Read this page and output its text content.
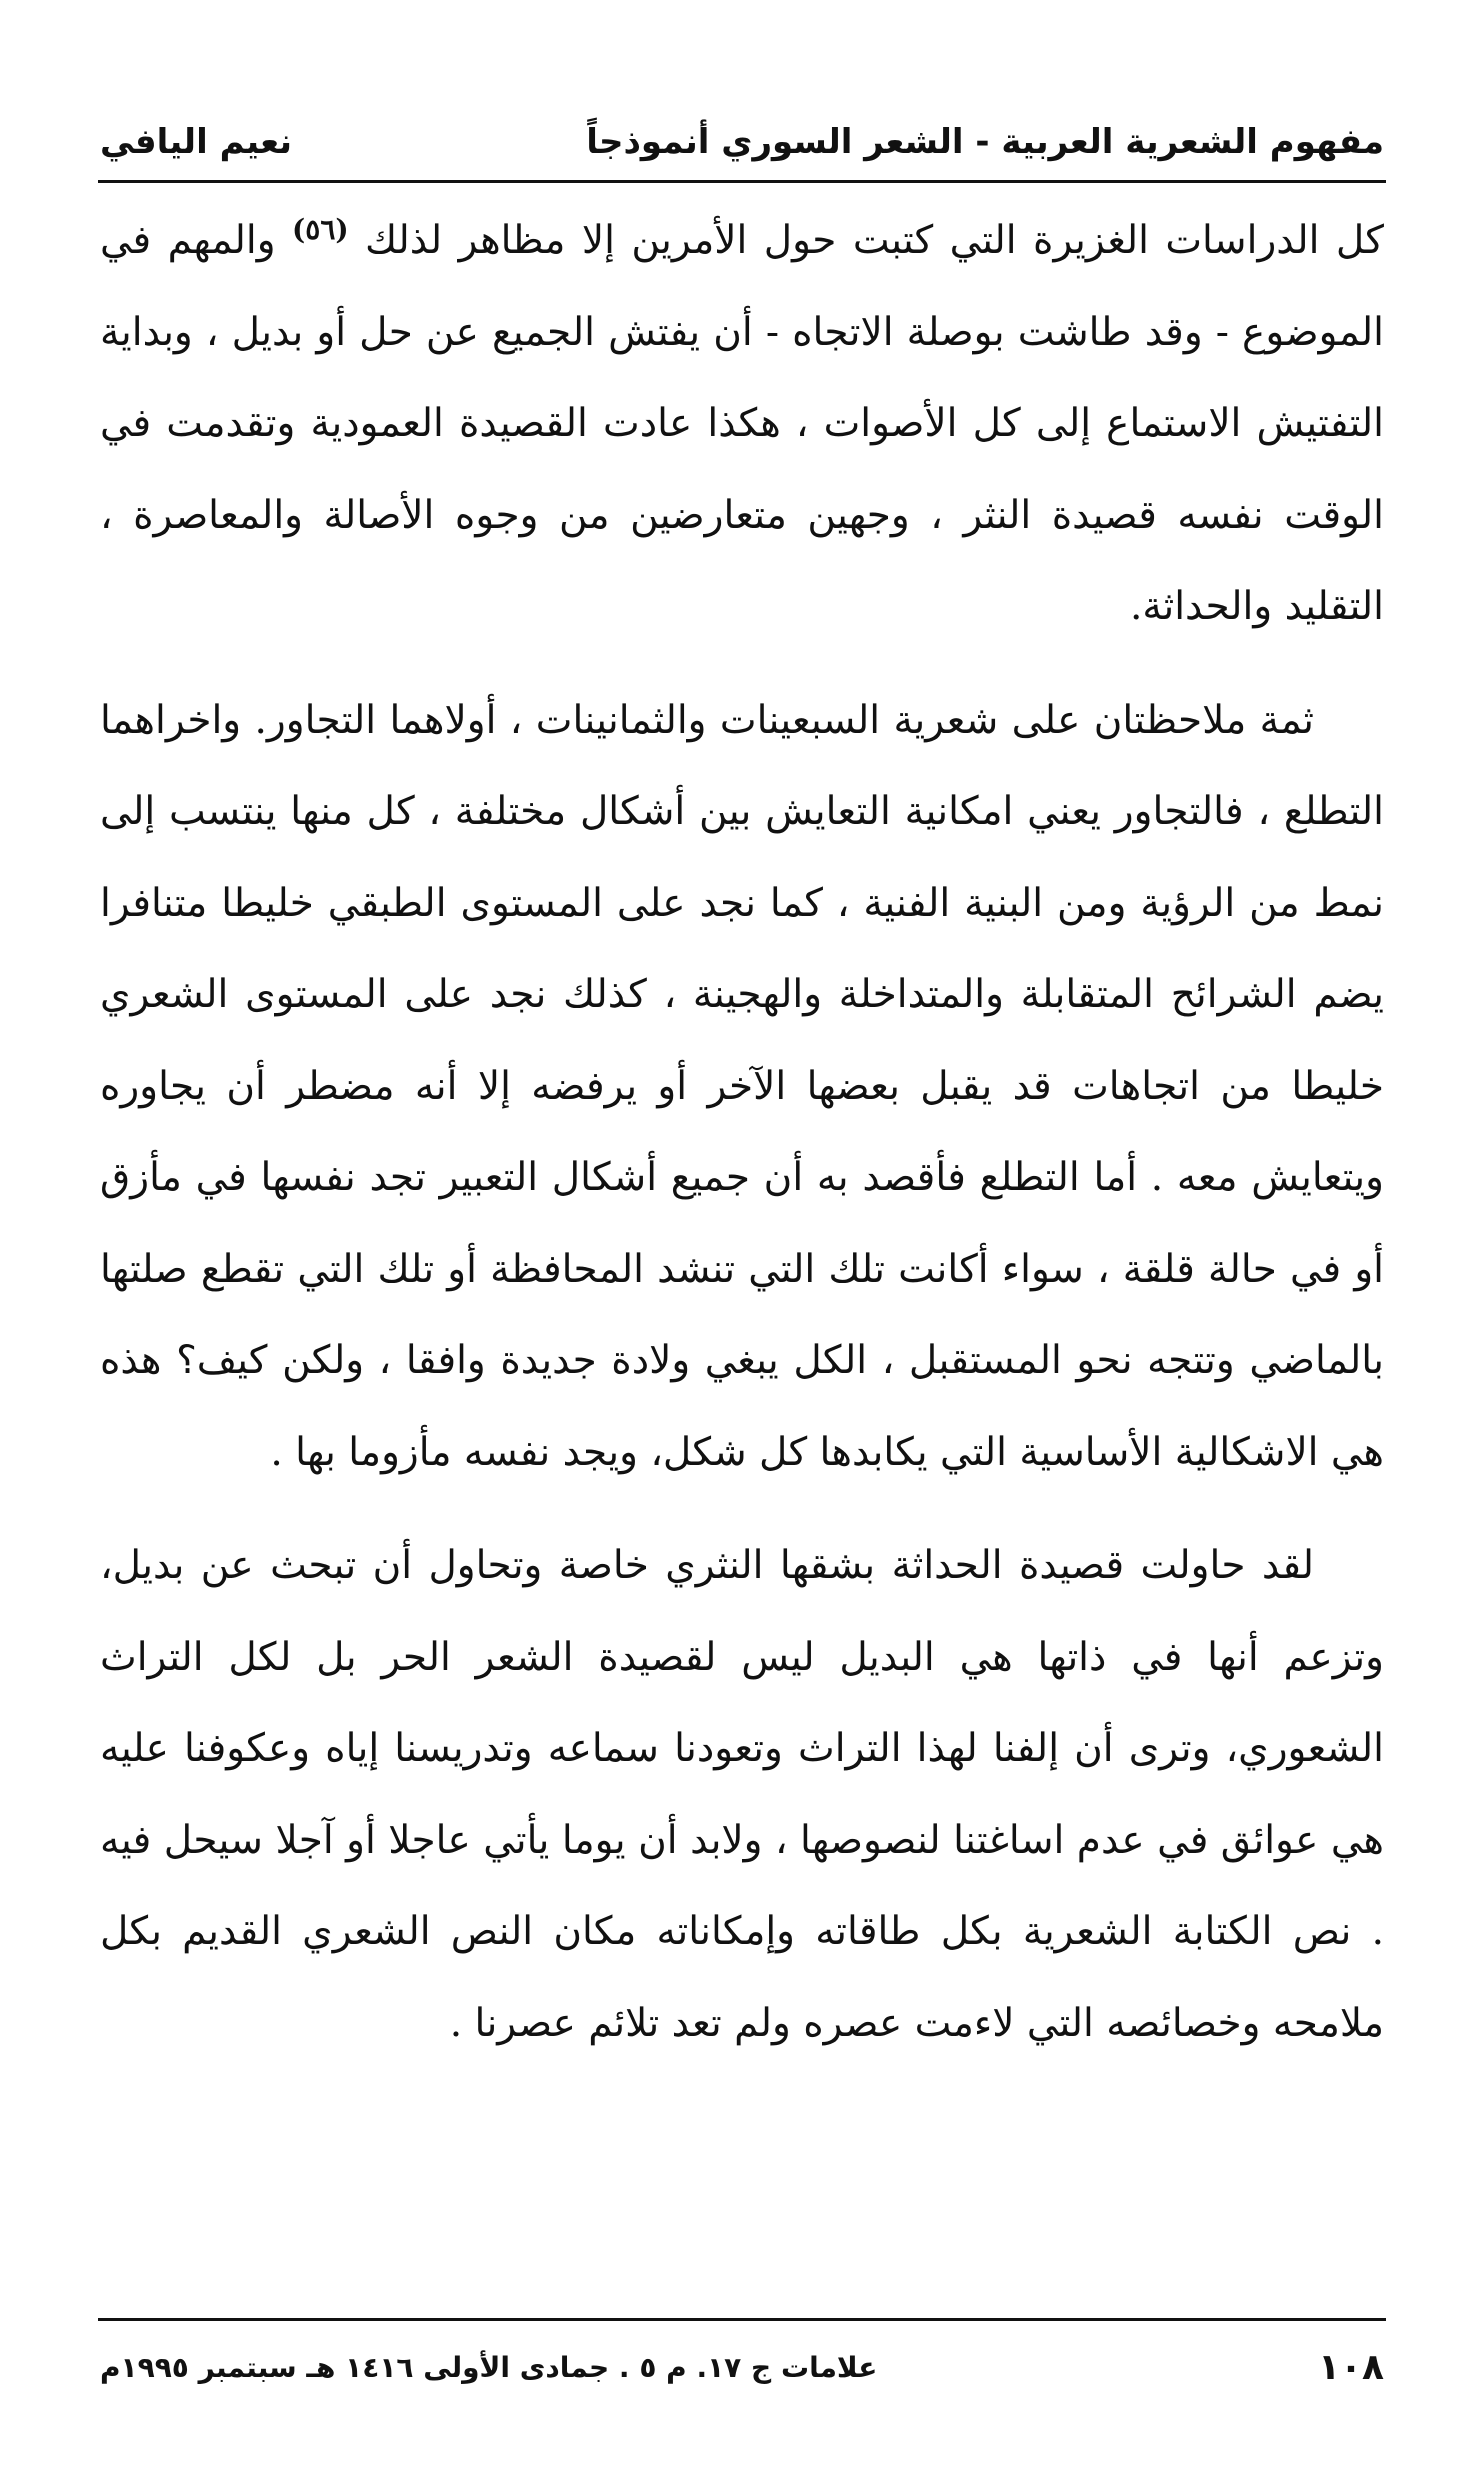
مفهوم الشعرية العربية - الشعر السوري أنموذجاً
نعيم اليافي

كل الدراسات الغزيرة التي كتبت حول الأمرين إلا مظاهر لذلك $^{(٥٦)}$ والمهم في الموضوع - وقد طاشت بوصلة الاتجاه - أن يفتش الجميع عن حل أو بديل ، وبداية التفتيش الاستماع إلى كل الأصوات ، هكذا عادت القصيدة العمودية وتقدمت في الوقت نفسه قصيدة النثر ، وجهين متعارضين من وجوه الأصالة والمعاصرة ، التقليد والحداثة.

ثمة ملاحظتان على شعرية السبعينات والثمانينات ، أولاهما التجاور. واخراهما التطلع ، فالتجاور يعني امكانية التعايش بين أشكال مختلفة ، كل منها ينتسب إلى نمط من الرؤية ومن البنية الفنية ، كما نجد على المستوى الطبقي خليطا متنافرا يضم الشرائح المتقابلة والمتداخلة والهجينة ، كذلك نجد على المستوى الشعري خليطا من اتجاهات قد يقبل بعضها الآخر أو يرفضه إلا أنه مضطر أن يجاوره ويتعايش معه . أما التطلع فأقصد به أن جميع أشكال التعبير تجد نفسها في مأزق أو في حالة قلقة ، سواء أكانت تلك التي تنشد المحافظة أو تلك التي تقطع صلتها بالماضي وتتجه نحو المستقبل ، الكل يبغي ولادة جديدة وافقا ، ولكن كيف؟ هذه هي الاشكالية الأساسية التي يكابدها كل شكل، ويجد نفسه مأزوما بها .

لقد حاولت قصيدة الحداثة بشقها النثري خاصة وتحاول أن تبحث عن بديل، وتزعم أنها في ذاتها هي البديل ليس لقصيدة الشعر الحر بل لكل التراث الشعوري، وترى أن إلفنا لهذا التراث وتعودنا سماعه وتدريسنا إياه وعكوفنا عليه هي عوائق في عدم اساغتنا لنصوصها ، ولابد أن يوما يأتي عاجلا أو آجلا سيحل فيه . نص الكتابة الشعرية بكل طاقاته وإمكاناته مكان النص الشعري القديم بكل ملامحه وخصائصه التي لاءمت عصره ولم تعد تلائم عصرنا .

١٠٨
علامات ج ١٧. م ٥ . جمادى الأولى ١٤١٦ هـ سبتمبر ١٩٩٥م
